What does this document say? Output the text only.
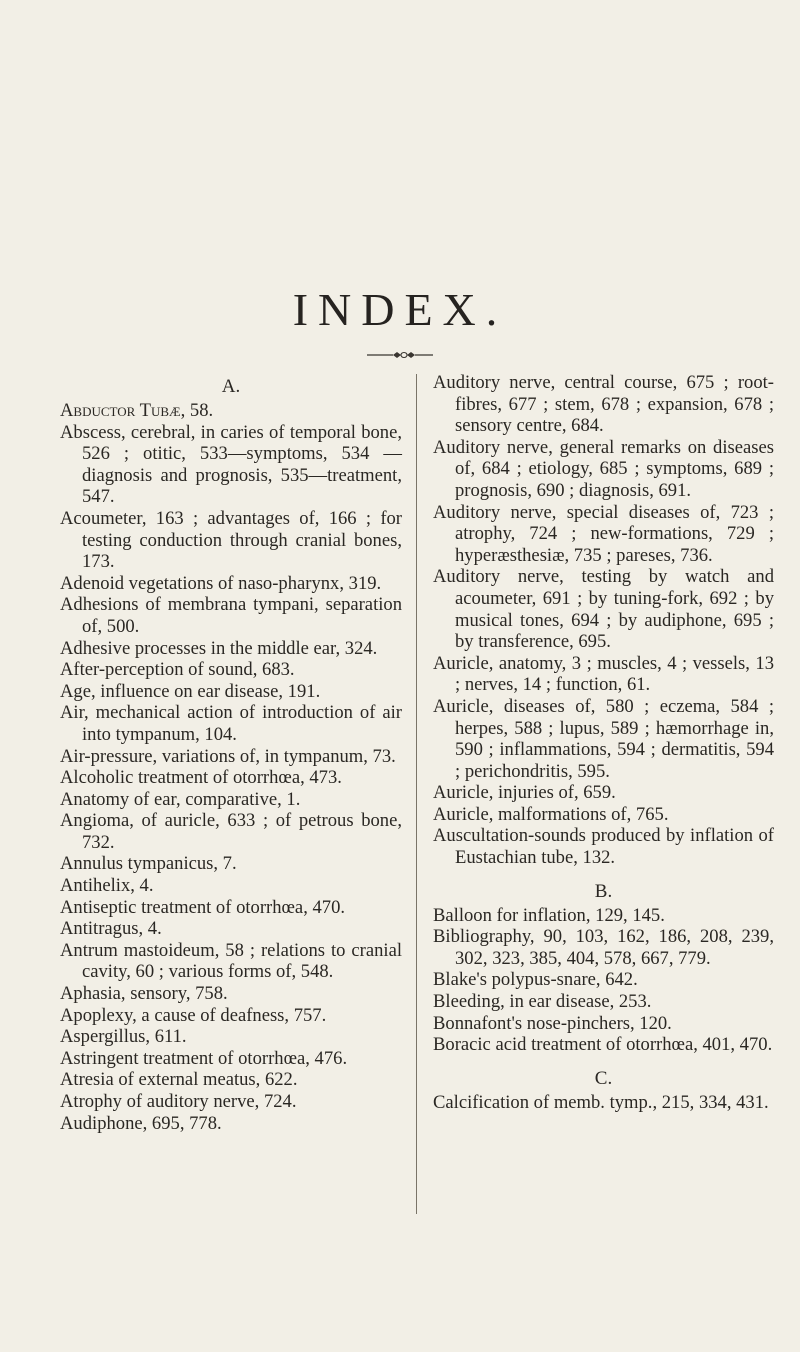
INDEX.
A.
Abductor Tubæ, 58.
Abscess, cerebral, in caries of temporal bone, 526 ; otitic, 533—symptoms, 534 — diagnosis and prognosis, 535—treatment, 547.
Acoumeter, 163 ; advantages of, 166 ; for testing conduction through cranial bones, 173.
Adenoid vegetations of naso-pharynx, 319.
Adhesions of membrana tympani, separation of, 500.
Adhesive processes in the middle ear, 324.
After-perception of sound, 683.
Age, influence on ear disease, 191.
Air, mechanical action of introduction of air into tympanum, 104.
Air-pressure, variations of, in tympanum, 73.
Alcoholic treatment of otorrhœa, 473.
Anatomy of ear, comparative, 1.
Angioma, of auricle, 633 ; of petrous bone, 732.
Annulus tympanicus, 7.
Antihelix, 4.
Antiseptic treatment of otorrhœa, 470.
Antitragus, 4.
Antrum mastoideum, 58 ; relations to cranial cavity, 60 ; various forms of, 548.
Aphasia, sensory, 758.
Apoplexy, a cause of deafness, 757.
Aspergillus, 611.
Astringent treatment of otorrhœa, 476.
Atresia of external meatus, 622.
Atrophy of auditory nerve, 724.
Audiphone, 695, 778.
Auditory nerve, central course, 675 ; root-fibres, 677 ; stem, 678 ; expansion, 678 ; sensory centre, 684.
Auditory nerve, general remarks on diseases of, 684 ; etiology, 685 ; symptoms, 689 ; prognosis, 690 ; diagnosis, 691.
Auditory nerve, special diseases of, 723 ; atrophy, 724 ; new-formations, 729 ; hyperæsthesiæ, 735 ; pareses, 736.
Auditory nerve, testing by watch and acoumeter, 691 ; by tuning-fork, 692 ; by musical tones, 694 ; by audiphone, 695 ; by transference, 695.
Auricle, anatomy, 3 ; muscles, 4 ; vessels, 13 ; nerves, 14 ; function, 61.
Auricle, diseases of, 580 ; eczema, 584 ; herpes, 588 ; lupus, 589 ; hæmorrhage in, 590 ; inflammations, 594 ; dermatitis, 594 ; perichondritis, 595.
Auricle, injuries of, 659.
Auricle, malformations of, 765.
Auscultation-sounds produced by inflation of Eustachian tube, 132.
B.
Balloon for inflation, 129, 145.
Bibliography, 90, 103, 162, 186, 208, 239, 302, 323, 385, 404, 578, 667, 779.
Blake's polypus-snare, 642.
Bleeding, in ear disease, 253.
Bonnafont's nose-pinchers, 120.
Boracic acid treatment of otorrhœa, 401, 470.
C.
Calcification of memb. tymp., 215, 334, 431.
